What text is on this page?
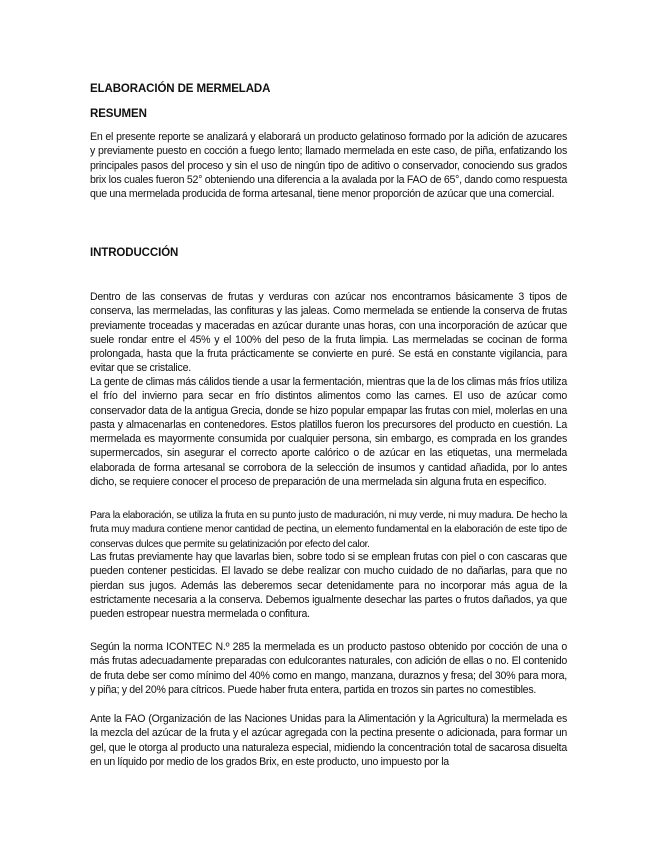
ELABORACIÓN DE MERMELADA
RESUMEN

En el presente reporte se analizará y elaborará un producto gelatinoso formado por la adición de azucares y previamente puesto en cocción a fuego lento; llamado mermelada en este caso, de piña, enfatizando los principales pasos del proceso y sin el uso de ningún tipo de aditivo o conservador, conociendo sus grados brix los cuales fueron 52° obteniendo una diferencia a la avalada por la FAO de 65°, dando como respuesta que una mermelada producida de forma artesanal, tiene menor proporción de azúcar que una comercial.

INTRODUCCIÓN

Dentro de las conservas de frutas y verduras con azúcar nos encontramos básicamente 3 tipos de conserva, las mermeladas, las confituras y las jaleas. Como mermelada se entiende la conserva de frutas previamente troceadas y maceradas en azúcar durante unas horas, con una incorporación de azúcar que suele rondar entre el 45% y el 100% del peso de la fruta limpia. Las mermeladas se cocinan de forma prolongada, hasta que la fruta prácticamente se convierte en puré. Se está en constante vigilancia, para evitar que se cristalice.

La gente de climas más cálidos tiende a usar la fermentación, mientras que la de los climas más fríos utiliza el frío del invierno para secar en frío distintos alimentos como las carnes. El uso de azúcar como conservador data de la antigua Grecia, donde se hizo popular empapar las frutas con miel, molerlas en una pasta y almacenarlas en contenedores. Estos platillos fueron los precursores del producto en cuestión. La mermelada es mayormente consumida por cualquier persona, sin embargo, es comprada en los grandes supermercados, sin asegurar el correcto aporte calórico o de azúcar en las etiquetas, una mermelada elaborada de forma artesanal se corrobora de la selección de insumos y cantidad añadida, por lo antes dicho, se requiere conocer el proceso de preparación de una mermelada sin alguna fruta en especifico.

Para la elaboración, se utiliza la fruta en su punto justo de maduración, ni muy verde, ni muy madura. De hecho la fruta muy madura contiene menor cantidad de pectina, un elemento fundamental en la elaboración de este tipo de conservas dulces que permite su gelatinización por efecto del calor.

Las frutas previamente hay que lavarlas bien, sobre todo si se emplean frutas con piel o con cascaras que pueden contener pesticidas. El lavado se debe realizar con mucho cuidado de no dañarlas, para que no pierdan sus jugos. Además las deberemos secar detenidamente para no incorporar más agua de la estrictamente necesaria a la conserva. Debemos igualmente desechar las partes o frutos dañados, ya que pueden estropear nuestra mermelada o confitura.

Según la norma ICONTEC N.º 285 la mermelada es un producto pastoso obtenido por cocción de una o más frutas adecuadamente preparadas con edulcorantes naturales, con adición de ellas o no. El contenido de fruta debe ser como mínimo del 40% como en mango, manzana, duraznos y fresa; del 30% para mora, y piña; y del 20% para cítricos. Puede haber fruta entera, partida en trozos sin partes no comestibles.

Ante la FAO (Organización de las Naciones Unidas para la Alimentación y la Agricultura) la mermelada es la mezcla del azúcar de la fruta y el azúcar agregada con la pectina presente o adicionada, para formar un gel, que le otorga al producto una naturaleza especial, midiendo la concentración total de sacarosa disuelta en un líquido por medio de los grados Brix, en este producto, uno impuesto por la
